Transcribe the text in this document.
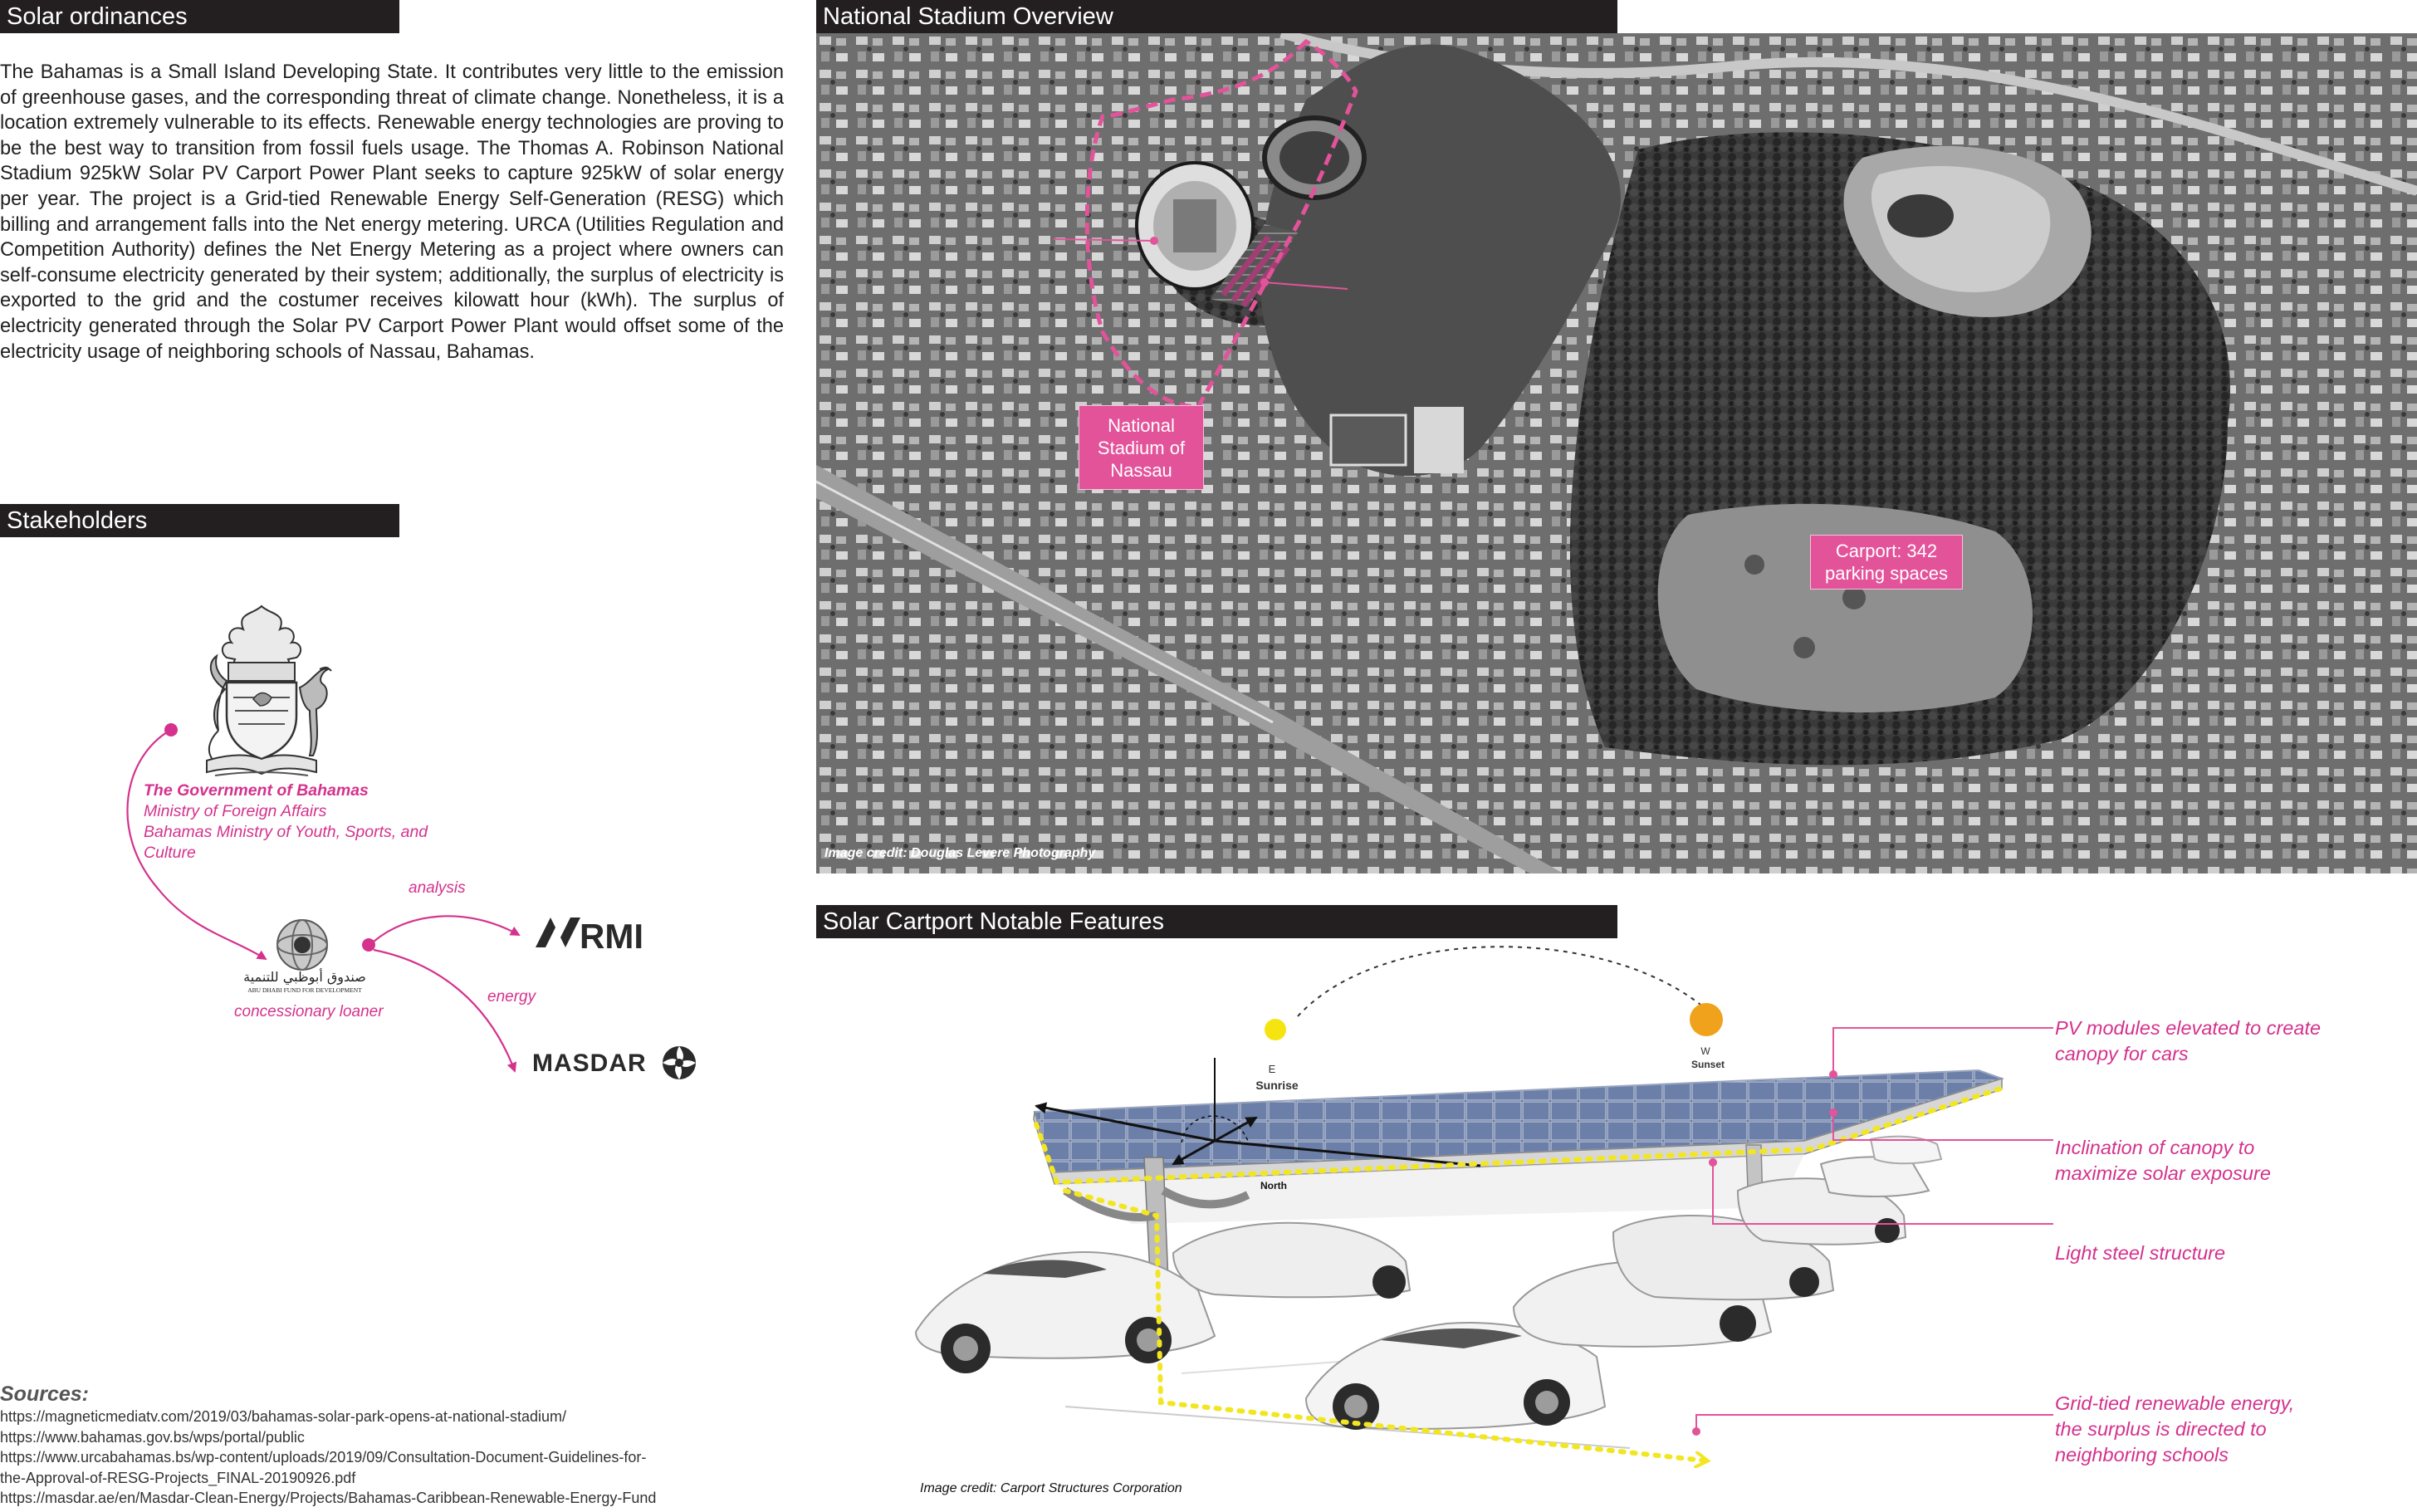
Solar ordinances
Stakeholders
National Stadium Overview
Solar Cartport Notable Features

The Bahamas is a Small Island Developing State. It contributes very little to the emission of greenhouse gases, and the corresponding threat of climate change. Nonetheless, it is a location extremely vulnerable to its effects. Renewable energy technologies are proving to be the best way to transition from fossil fuels usage. The Thomas A. Robinson National Stadium 925kW Solar PV Carport Power Plant seeks to capture 925kW of solar energy per year. The project is a Grid-tied Renewable Energy Self-Generation (RESG) which billing and arrangement falls into the Net energy metering. URCA (Utilities Regulation and Competition Authority) defines the Net Energy Metering as a project where owners can self-consume electricity generated by their system; additionally, the surplus of electricity is exported to the grid and the costumer receives kilowatt hour (kWh). The surplus of electricity generated through the Solar PV Carport Power Plant would offset some of the electricity usage of neighboring schools of Nassau, Bahamas.

RMI
MASDAR
The Government of Bahamas
Ministry of Foreign Affairs
Bahamas Ministry of Youth, Sports, and
Culture
صندوق أبوظبي للتنمية
ABU DHABI FUND FOR DEVELOPMENT
concessionary loaner
analysis
energy
Sources:
https://magneticmediatv.com/2019/03/bahamas-solar-park-opens-at-national-stadium/
https://www.bahamas.gov.bs/wps/portal/public
https://www.urcabahamas.bs/wp-content/uploads/2019/09/Consultation-Document-Guidelines-for-
the-Approval-of-RESG-Projects_FINAL-20190926.pdf
https://masdar.ae/en/Masdar-Clean-Energy/Projects/Bahamas-Caribbean-Renewable-Energy-Fund
National
Stadium of
Nassau
Carport: 342
parking spaces
Image credit: Douglas Levere Photography
E
Sunrise
W
Sunset
North
PV modules elevated to create
canopy for cars
Inclination of canopy to
maximize solar exposure
Light steel structure
Grid-tied renewable energy,
the surplus is directed to
neighboring schools
Image credit: Carport Structures Corporation
